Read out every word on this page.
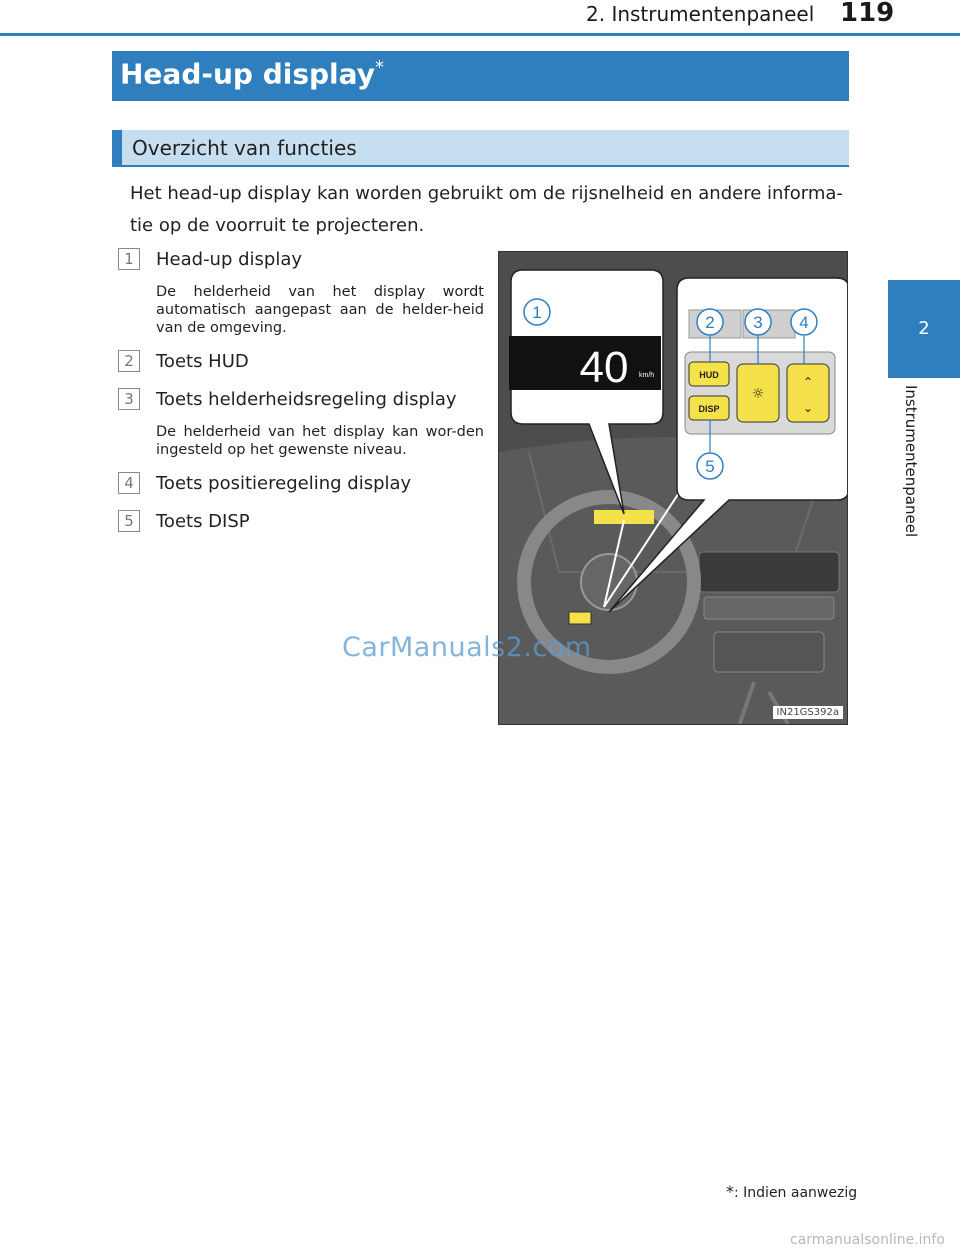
2. Instrumentenpaneel 119
2
Instrumentenpaneel
Head-up display*
Overzicht van functies
Het head-up display kan worden gebruikt om de rijsnelheid en andere informa-tie op de voorruit te projecteren.
1	Head-up display
De helderheid van het display wordt automatisch aangepast aan de helder-heid van de omgeving.
2	Toets HUD
3	Toets helderheidsregeling display
De helderheid van het display kan wor-den ingesteld op het gewenste niveau.
4	Toets positieregeling display
5	Toets DISP
40 km/h
1
HUD
DISP
☼
⌃
⌄
2 3 4
5
IN21GS392a
CarManuals2.com
*: Indien aanwezig
carmanualsonline.info
